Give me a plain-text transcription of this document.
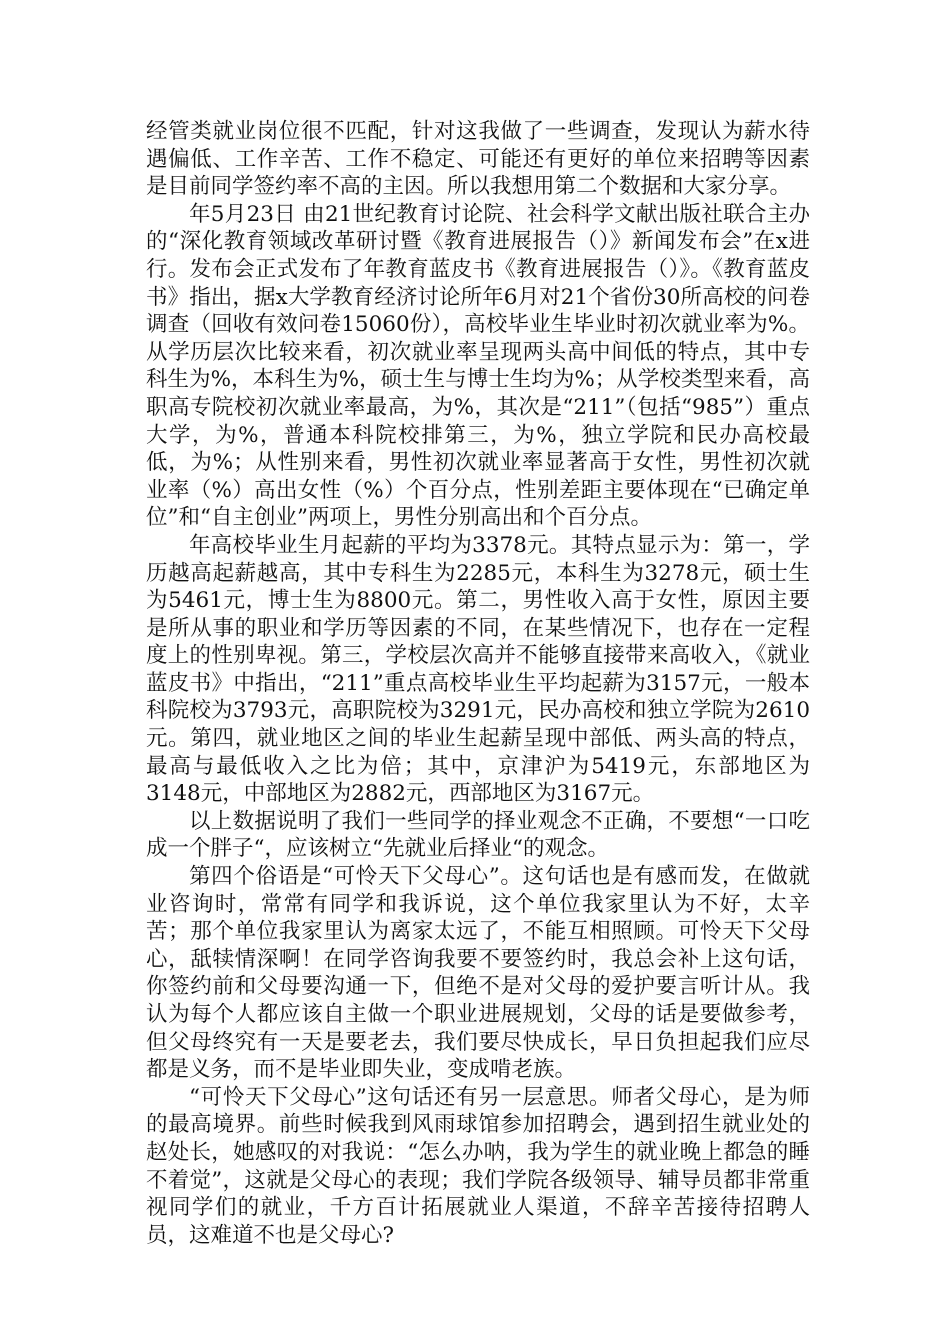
经管类就业岗位很不匹配，针对这我做了一些调查，发现认为薪水待遇偏低、工作辛苦、工作不稳定、可能还有更好的单位来招聘等因素是目前同学签约率不高的主因。所以我想用第二个数据和大家分享。

年5月23日 由21世纪教育讨论院、社会科学文献出版社联合主办的“深化教育领域改革研讨暨《教育进展报告（）》新闻发布会”在x进行。发布会正式发布了年教育蓝皮书《教育进展报告（）》。《教育蓝皮书》指出，据x大学教育经济讨论所年6月对21个省份30所高校的问卷调查（回收有效问卷15060份），高校毕业生毕业时初次就业率为%。从学历层次比较来看，初次就业率呈现两头高中间低的特点，其中专科生为%，本科生为%，硕士生与博士生均为%；从学校类型来看，高职高专院校初次就业率最高，为%，其次是“211”（包括“985”）重点大学，为%，普通本科院校排第三，为%，独立学院和民办高校最低，为%；从性别来看，男性初次就业率显著高于女性，男性初次就业率（%）高出女性（%）个百分点，性别差距主要体现在“已确定单位”和“自主创业”两项上，男性分别高出和个百分点。

年高校毕业生月起薪的平均为3378元。其特点显示为：第一，学历越高起薪越高，其中专科生为2285元，本科生为3278元，硕士生为5461元，博士生为8800元。第二，男性收入高于女性，原因主要是所从事的职业和学历等因素的不同，在某些情况下，也存在一定程度上的性别卑视。第三，学校层次高并不能够直接带来高收入，《就业蓝皮书》中指出，“211”重点高校毕业生平均起薪为3157元，一般本科院校为3793元，高职院校为3291元，民办高校和独立学院为2610元。第四，就业地区之间的毕业生起薪呈现中部低、两头高的特点，最高与最低收入之比为倍；其中，京津沪为5419元，东部地区为3148元，中部地区为2882元，西部地区为3167元。

以上数据说明了我们一些同学的择业观念不正确，不要想“一口吃成一个胖子“，应该树立“先就业后择业“的观念。

第四个俗语是“可怜天下父母心”。这句话也是有感而发，在做就业咨询时，常常有同学和我诉说，这个单位我家里认为不好，太辛苦；那个单位我家里认为离家太远了，不能互相照顾。可怜天下父母心，舐犊情深啊！在同学咨询我要不要签约时，我总会补上这句话，你签约前和父母要沟通一下，但绝不是对父母的爱护要言听计从。我认为每个人都应该自主做一个职业进展规划，父母的话是要做参考，但父母终究有一天是要老去，我们要尽快成长，早日负担起我们应尽都是义务，而不是毕业即失业，变成啃老族。

“可怜天下父母心”这句话还有另一层意思。师者父母心，是为师的最高境界。前些时候我到风雨球馆参加招聘会，遇到招生就业处的赵处长，她感叹的对我说：“怎么办呐，我为学生的就业晚上都急的睡不着觉”，这就是父母心的表现；我们学院各级领导、辅导员都非常重视同学们的就业，千方百计拓展就业人渠道，不辞辛苦接待招聘人员，这难道不也是父母心?
